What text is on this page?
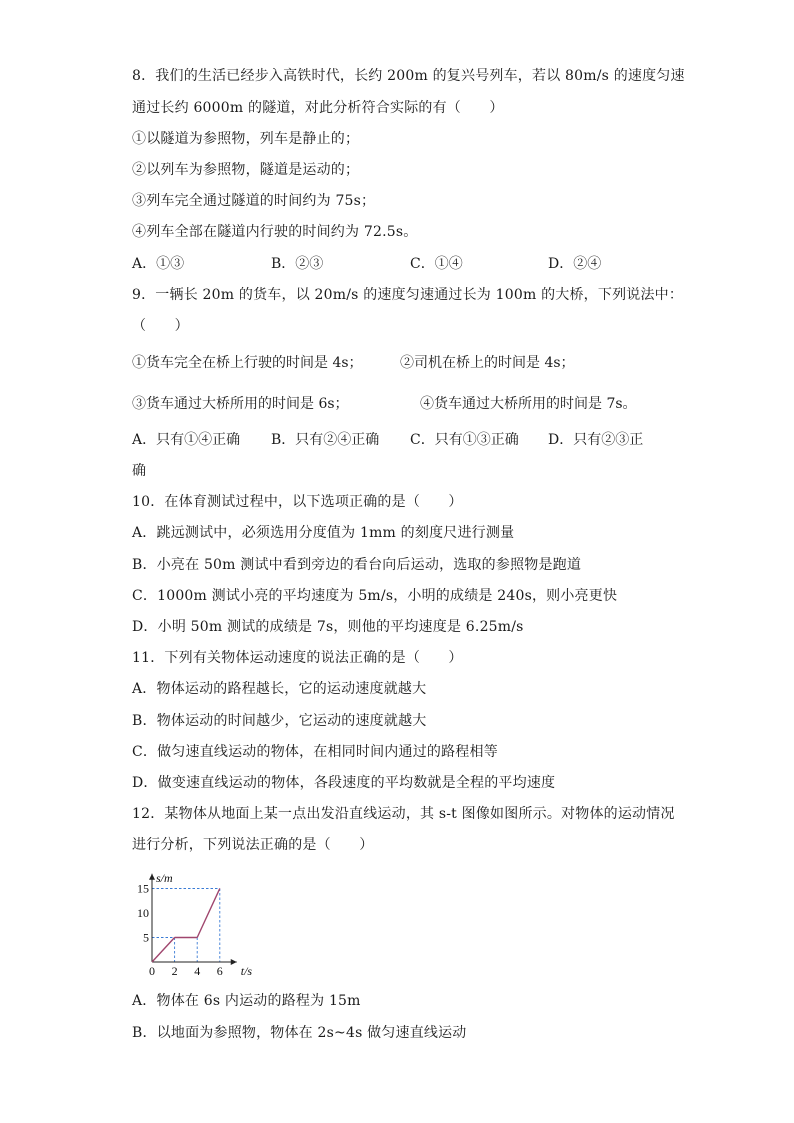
8．我们的生活已经步入高铁时代，长约 200m 的复兴号列车，若以 80m/s 的速度匀速
通过长约 6000m 的隧道，对此分析符合实际的有（　　）
①以隧道为参照物，列车是静止的；
②以列车为参照物，隧道是运动的；
③列车完全通过隧道的时间约为 75s；
④列车全部在隧道内行驶的时间约为 72.5s。
A．①③	B．②③	C．①④	D．②④
9．一辆长 20m 的货车，以 20m/s 的速度匀速通过长为 100m 的大桥，下列说法中：
（　　）
①货车完全在桥上行驶的时间是 4s；	②司机在桥上的时间是 4s；
③货车通过大桥所用的时间是 6s；	④货车通过大桥所用的时间是 7s。
A．只有①④正确 B．只有②④正确 C．只有①③正确 D．只有②③正
确
10．在体育测试过程中，以下选项正确的是（　　）
A．跳远测试中，必须选用分度值为 1mm 的刻度尺进行测量
B．小亮在 50m 测试中看到旁边的看台向后运动，选取的参照物是跑道
C．1000m 测试小亮的平均速度为 5m/s，小明的成绩是 240s，则小亮更快
D．小明 50m 测试的成绩是 7s，则他的平均速度是 6.25m/s
11．下列有关物体运动速度的说法正确的是（　　）
A．物体运动的路程越长，它的运动速度就越大
B．物体运动的时间越少，它运动的速度就越大
C．做匀速直线运动的物体，在相同时间内通过的路程相等
D．做变速直线运动的物体，各段速度的平均数就是全程的平均速度
12．某物体从地面上某一点出发沿直线运动，其 s-t 图像如图所示。对物体的运动情况
进行分析，下列说法正确的是（　　）
0 2 4 6
5
10
15
t/s
s/m
A．物体在 6s 内运动的路程为 15m
B．以地面为参照物，物体在 2s~4s 做匀速直线运动
